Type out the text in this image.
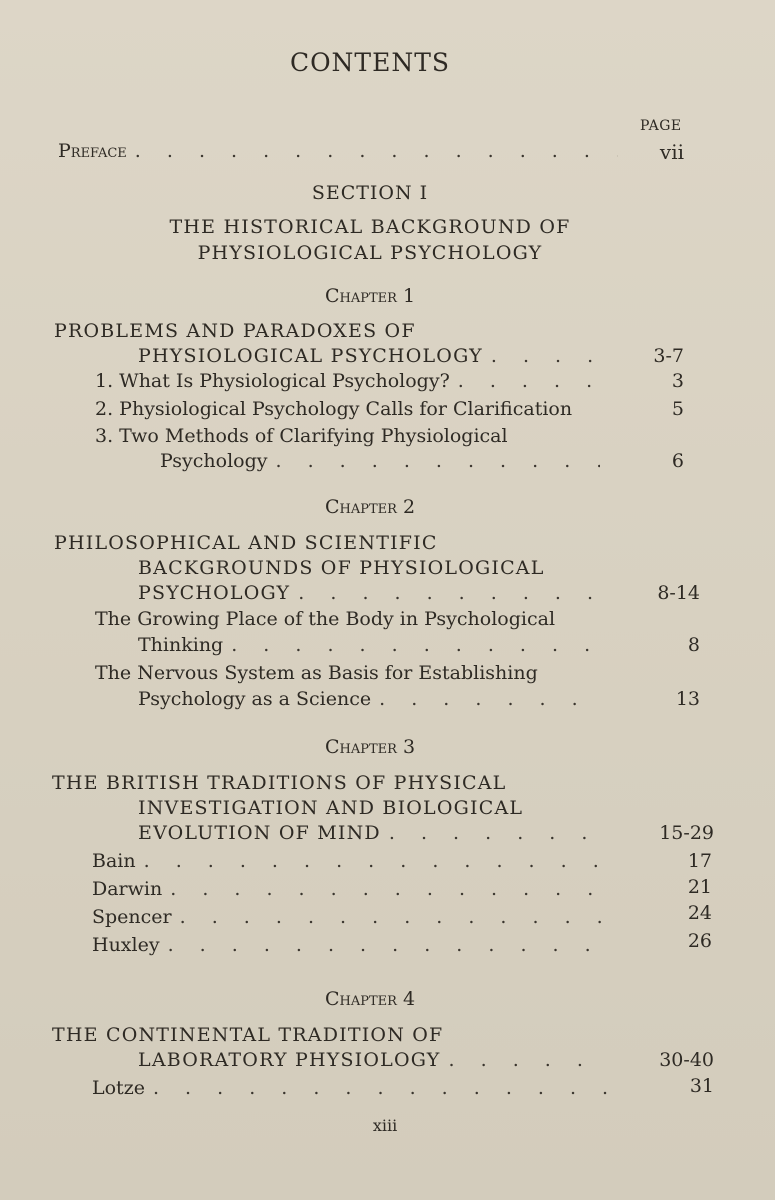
CONTENTS
PAGE
Preface . . .	vii
SECTION I
THE HISTORICAL BACKGROUND OF
PHYSIOLOGICAL PSYCHOLOGY
Chapter 1
PROBLEMS AND PARADOXES OF
PHYSIOLOGICAL PSYCHOLOGY . . .	3-7
1. What Is Physiological Psychology? . . .	3
2. Physiological Psychology Calls for Clarification	5
3. Two Methods of Clarifying Physiological
Psychology . . .	6
Chapter 2
PHILOSOPHICAL AND SCIENTIFIC
BACKGROUNDS OF PHYSIOLOGICAL
PSYCHOLOGY . . .	8-14
The Growing Place of the Body in Psychological
Thinking . . .	8
The Nervous System as Basis for Establishing
Psychology as a Science . . .	13
Chapter 3
THE BRITISH TRADITIONS OF PHYSICAL
INVESTIGATION AND BIOLOGICAL
EVOLUTION OF MIND . . .	15-29
Bain . . .	17
Darwin . . .	21
Spencer . . .	24
Huxley . . .	26
Chapter 4
THE CONTINENTAL TRADITION OF
LABORATORY PHYSIOLOGY . . .	30-40
Lotze . . .	31
xiii
